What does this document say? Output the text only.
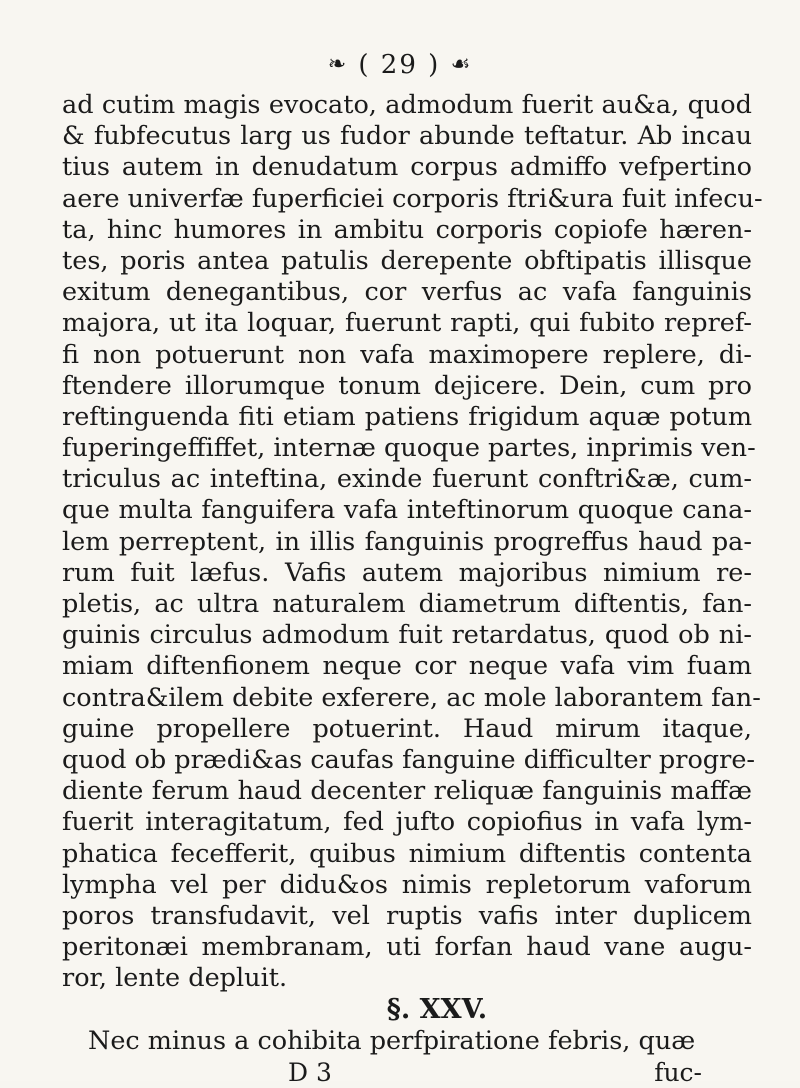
❧ ( 29 ) ☙
ad cutim magis evocato, admodum fuerit au&a, quod
& fubfecutus larg us fudor abunde teftatur. Ab incau
tius autem in denudatum corpus admiffo vefpertino
aere univerfæ fuperficiei corporis ftri&ura fuit infecu-
ta, hinc humores in ambitu corporis copiofe hæren-
tes, poris antea patulis derepente obftipatis illisque
exitum denegantibus, cor verfus ac vafa fanguinis
majora, ut ita loquar, fuerunt rapti, qui fubito repref-
fi non potuerunt non vafa maximopere replere, di-
ftendere illorumque tonum dejicere. Dein, cum pro
reftinguenda fiti etiam patiens frigidum aquæ potum
fuperingeffiffet, internæ quoque partes, inprimis ven-
triculus ac inteftina, exinde fuerunt conftri&æ, cum-
que multa fanguifera vafa inteftinorum quoque cana-
lem perreptent, in illis fanguinis progreffus haud pa-
rum fuit læfus. Vafis autem majoribus nimium re-
pletis, ac ultra naturalem diametrum diftentis, fan-
guinis circulus admodum fuit retardatus, quod ob ni-
miam diftenfionem neque cor neque vafa vim fuam
contra&ilem debite exferere, ac mole laborantem fan-
guine propellere potuerint. Haud mirum itaque,
quod ob prædi&as caufas fanguine difficulter progre-
diente ferum haud decenter reliquæ fanguinis maffæ
fuerit interagitatum, fed jufto copiofius in vafa lym-
phatica fecefferit, quibus nimium diftentis contenta
lympha vel per didu&os nimis repletorum vaforum
poros transfudavit, vel ruptis vafis inter duplicem
peritonæi membranam, uti forfan haud vane augu-
ror, lente depluit.
§. XXV.
Nec minus a cohibita perfpiratione febris, quæ
D 3	fuc-
